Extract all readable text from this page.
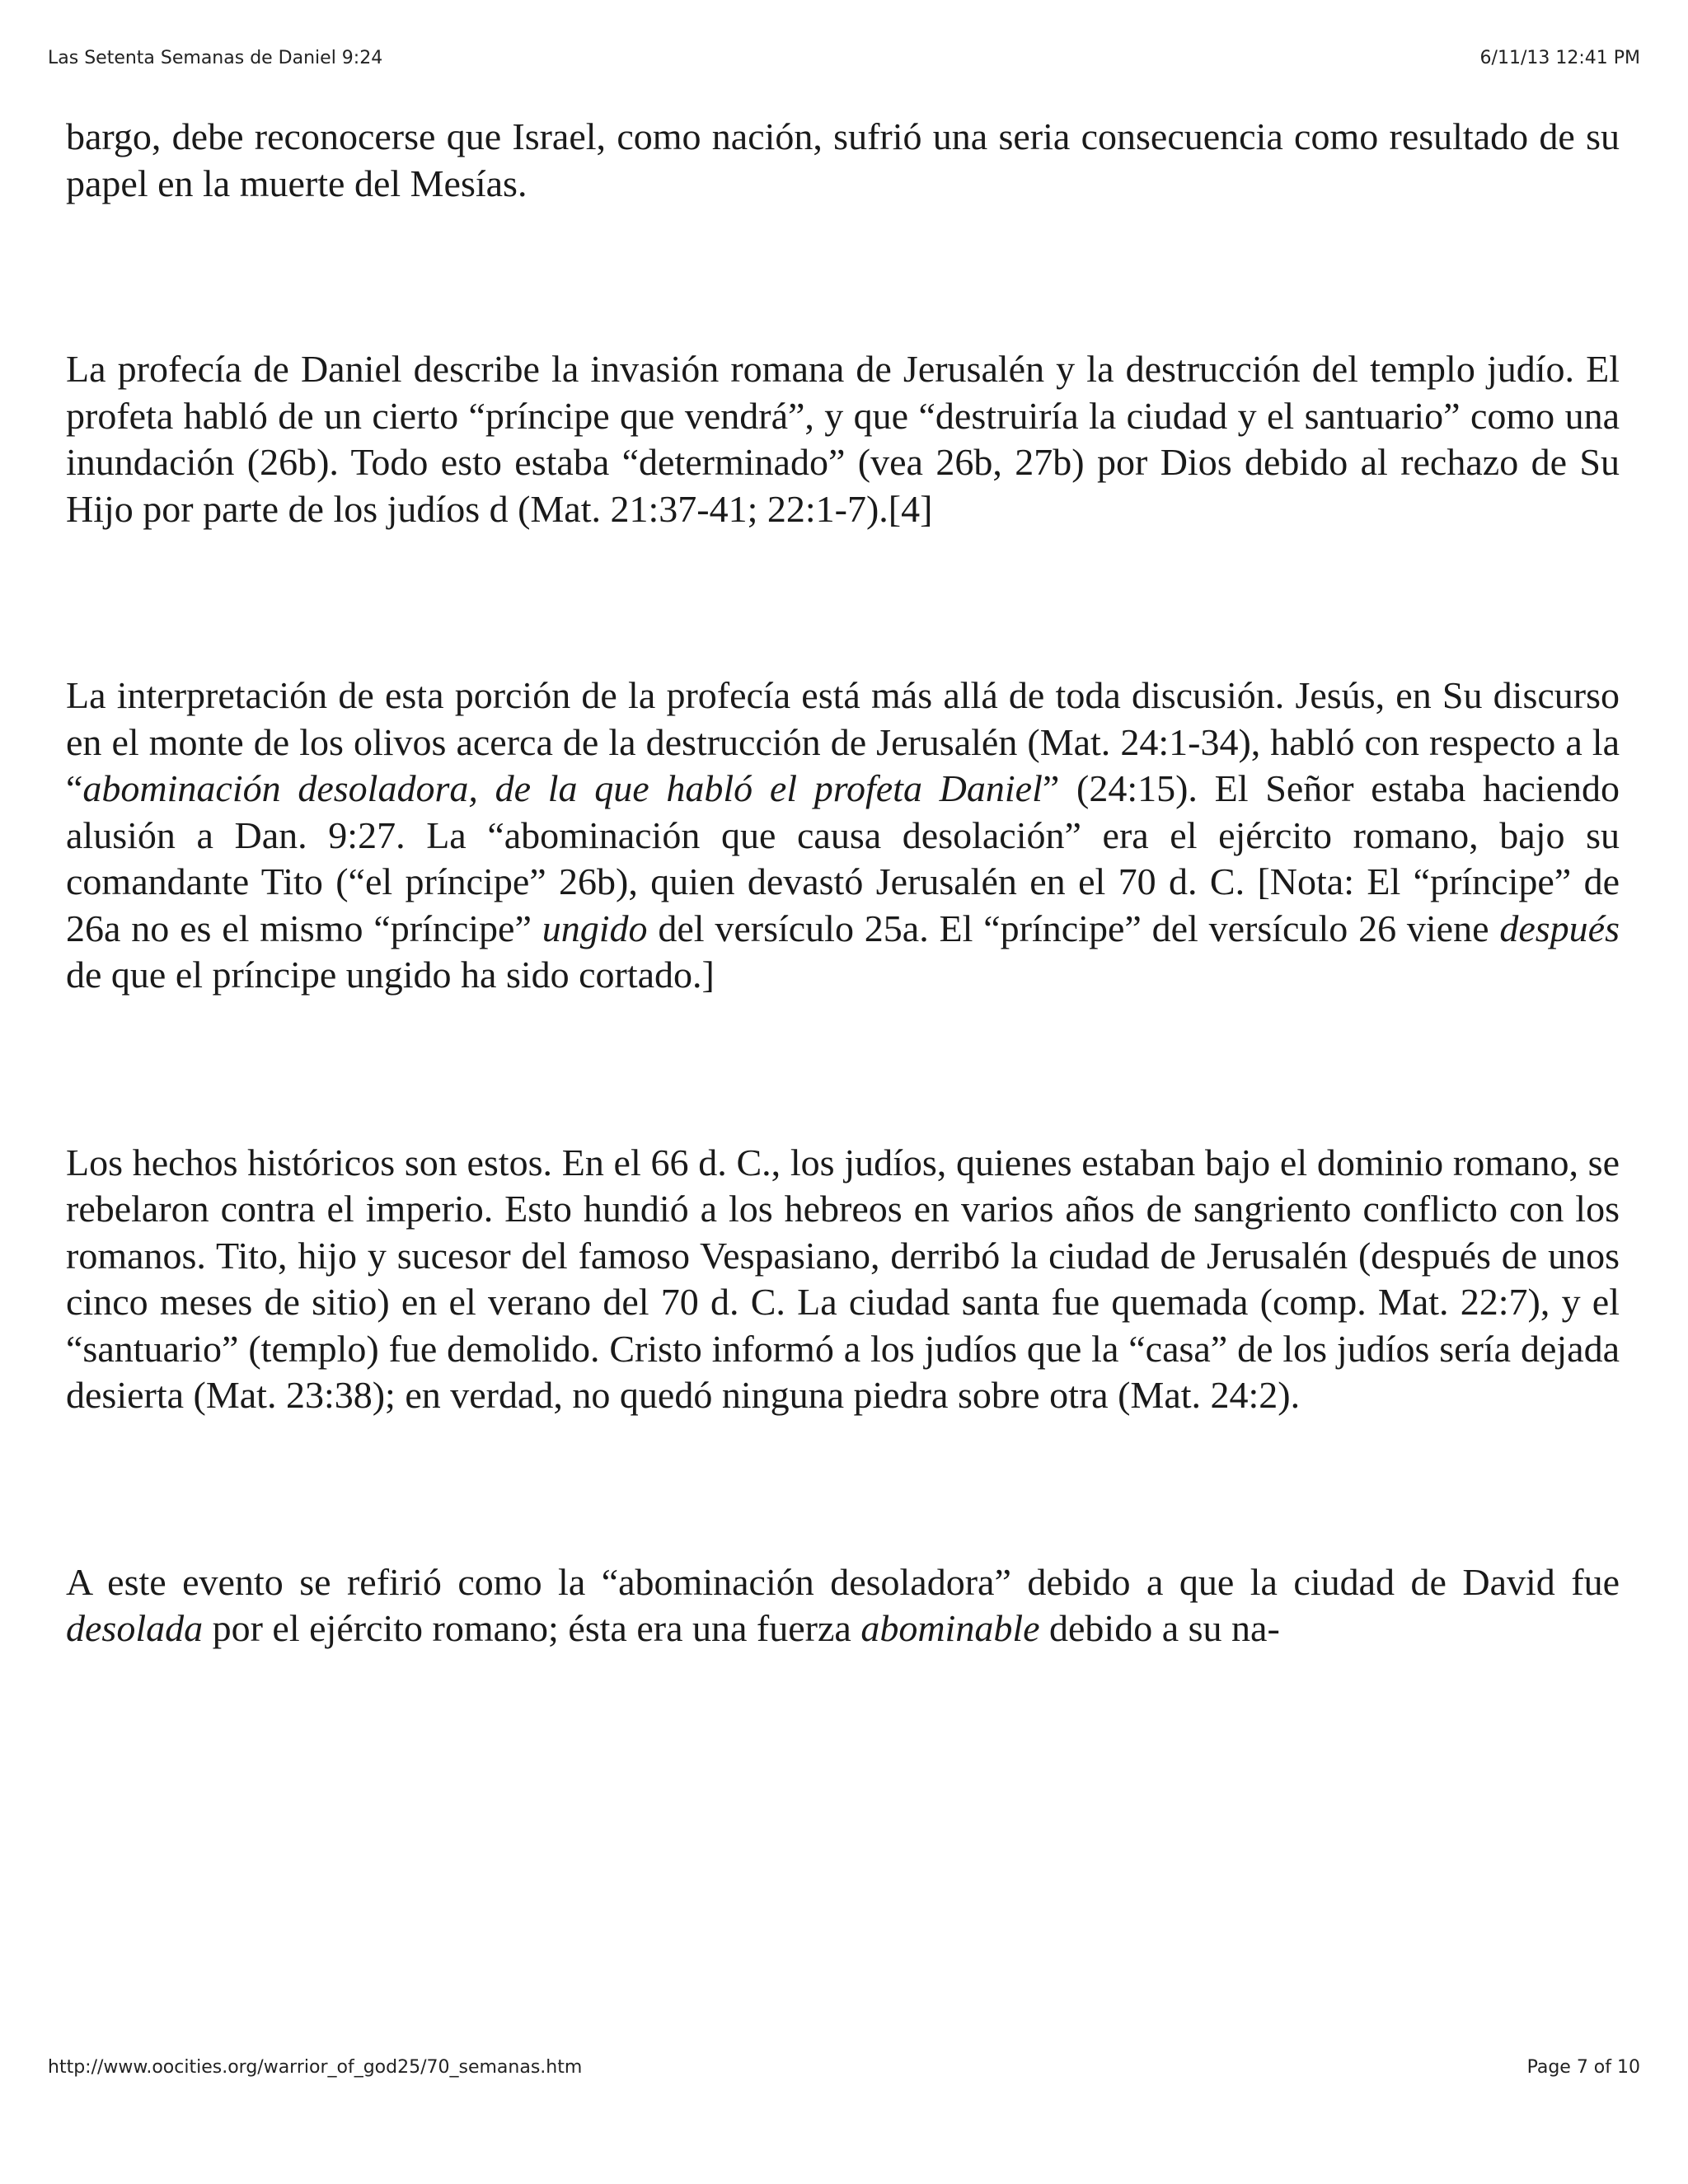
Las Setenta Semanas de Daniel 9:24	6/11/13 12:41 PM

bargo, debe reconocerse que Israel, como nación, sufrió una seria consecuencia como resultado de su papel en la muerte del Mesías.

La profecía de Daniel describe la invasión romana de Jerusalén y la destrucción del templo judío. El profeta habló de un cierto “príncipe que vendrá”, y que “destruiría la ciudad y el santuario” como una inundación (26b). Todo esto estaba “determinado” (vea 26b, 27b) por Dios debido al rechazo de Su Hijo por parte de los judíos d (Mat. 21:37-41; 22:1-7).[4]

La interpretación de esta porción de la profecía está más allá de toda discusión. Jesús, en Su discurso en el monte de los olivos acerca de la destrucción de Jerusalén (Mat. 24:1-34), habló con respecto a la “abominación desoladora, de la que habló el profeta Daniel” (24:15). El Señor estaba haciendo alusión a Dan. 9:27. La “abominación que causa desolación” era el ejército romano, bajo su comandante Tito (“el príncipe” 26b), quien devastó Jerusalén en el 70 d. C. [Nota: El “príncipe” de 26a no es el mismo “príncipe” ungido del versículo 25a. El “príncipe” del versículo 26 viene después de que el príncipe ungido ha sido cortado.]

Los hechos históricos son estos. En el 66 d. C., los judíos, quienes estaban bajo el dominio romano, se rebelaron contra el imperio. Esto hundió a los hebreos en varios años de sangriento conflicto con los romanos. Tito, hijo y sucesor del famoso Vespasiano, derribó la ciudad de Jerusalén (después de unos cinco meses de sitio) en el verano del 70 d. C. La ciudad santa fue quemada (comp. Mat. 22:7), y el “santuario” (templo) fue demolido. Cristo informó a los judíos que la “casa” de los judíos sería dejada desierta (Mat. 23:38); en verdad, no quedó ninguna piedra sobre otra (Mat. 24:2).

A este evento se refirió como la “abominación desoladora” debido a que la ciudad de David fue desolada por el ejército romano; ésta era una fuerza abominable debido a su na-

http://www.oocities.org/warrior_of_god25/70_semanas.htm	Page 7 of 10
